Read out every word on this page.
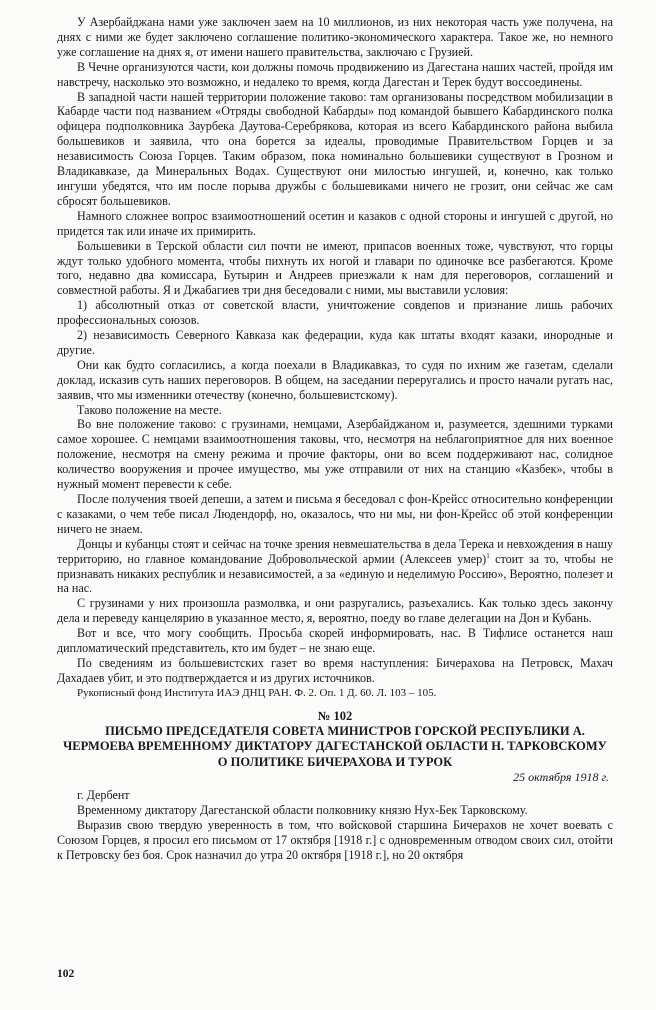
У Азербайджана нами уже заключен заем на 10 миллионов, из них некоторая часть уже получена, на днях с ними же будет заключено соглашение политико-экономического характера. Такое же, но немного уже соглашение на днях я, от имени нашего правительства, заключаю с Грузией.

В Чечне организуются части, кои должны помочь продвижению из Дагестана наших частей, пройдя им навстречу, насколько это возможно, и недалеко то время, когда Дагестан и Терек будут воссоединены.

В западной части нашей территории положение таково: там организованы посредством мобилизации в Кабарде части под названием «Отряды свободной Кабарды» под командой бывшего Кабардинского полка офицера подполковника Заурбека Даутова-Серебрякова, которая из всего Кабардинского района выбила большевиков и заявила, что она борется за идеалы, проводимые Правительством Горцев и за независимость Союза Горцев. Таким образом, пока номинально большевики существуют в Грозном и Владикавказе, да Минеральных Водах. Существуют они милостью ингушей, и, конечно, как только ингуши убедятся, что им после порыва дружбы с большевиками ничего не грозит, они сейчас же сам сбросят большевиков.

Намного сложнее вопрос взаимоотношений осетин и казаков с одной стороны и ингушей с другой, но придется так или иначе их примирить.

Большевики в Терской области сил почти не имеют, припасов военных тоже, чувствуют, что горцы ждут только удобного момента, чтобы пихнуть их ногой и главари по одиночке все разбегаются. Кроме того, недавно два комиссара, Бутырин и Андреев приезжали к нам для переговоров, соглашений и совместной работы. Я и Джабагиев три дня беседовали с ними, мы выставили условия:

1) абсолютный отказ от советской власти, уничтожение совдепов и признание лишь рабочих профессиональных союзов.

2) независимость Северного Кавказа как федерации, куда как штаты входят казаки, инородные и другие.

Они как будто согласились, а когда поехали в Владикавказ, то судя по ихним же газетам, сделали доклад, исказив суть наших переговоров. В общем, на заседании переругались и просто начали ругать нас, заявив, что мы изменники отечеству (конечно, большевистскому).

Таково положение на месте.

Во вне положение таково: с грузинами, немцами, Азербайджаном и, разумеется, здешними турками самое хорошее. С немцами взаимоотношения таковы, что, несмотря на неблагоприятное для них военное положение, несмотря на смену режима и прочие факторы, они во всем поддерживают нас, солидное количество вооружения и прочее имущество, мы уже отправили от них на станцию «Казбек», чтобы в нужный момент перевести к себе.

После получения твоей депеши, а затем и письма я беседовал с фон-Крейсс относительно конференции с казаками, о чем тебе писал Людендорф, но, оказалось, что ни мы, ни фон-Крейсс об этой конференции ничего не знаем.

Донцы и кубанцы стоят и сейчас на точке зрения невмешательства в дела Терека и невхождения в нашу территорию, но главное командование Добровольческой армии (Алексеев умер)$^1$ стоит за то, чтобы не признавать никаких республик и независимостей, а за «единую и неделимую Россию», Вероятно, полезет и на нас.

С грузинами у них произошла размолвка, и они разругались, разъехались. Как только здесь закончу дела и переведу канцелярию в указанное место, я, вероятно, поеду во главе делегации на Дон и Кубань.

Вот и все, что могу сообщить. Просьба скорей информировать, нас. В Тифлисе останется наш дипломатический представитель, кто им будет – не знаю еще.

По сведениям из большевистских газет во время наступления: Бичерахова на Петровск, Махач Дахадаев убит, и это подтверждается и из других источников.

Рукописный фонд Института ИАЭ ДНЦ РАН. Ф. 2. Оп. 1 Д. 60. Л. 103 – 105.

№ 102

ПИСЬМО ПРЕДСЕДАТЕЛЯ СОВЕТА МИНИСТРОВ ГОРСКОЙ РЕСПУБЛИКИ А. ЧЕРМОЕВА ВРЕМЕННОМУ ДИКТАТОРУ ДАГЕСТАНСКОЙ ОБЛАСТИ Н. ТАРКОВСКОМУ О ПОЛИТИКЕ БИЧЕРАХОВА И ТУРОК

25 октября 1918 г.

г. Дербент

Временному диктатору Дагестанской области полковнику князю Нух-Бек Тарковскому.

Выразив свою твердую уверенность в том, что войсковой старшина Бичерахов не хочет воевать с Союзом Горцев, я просил его письмом от 17 октября [1918 г.] с одновременным отводом своих сил, отойти к Петровску без боя. Срок назначил до утра 20 октября [1918 г.], но 20 октября

102
